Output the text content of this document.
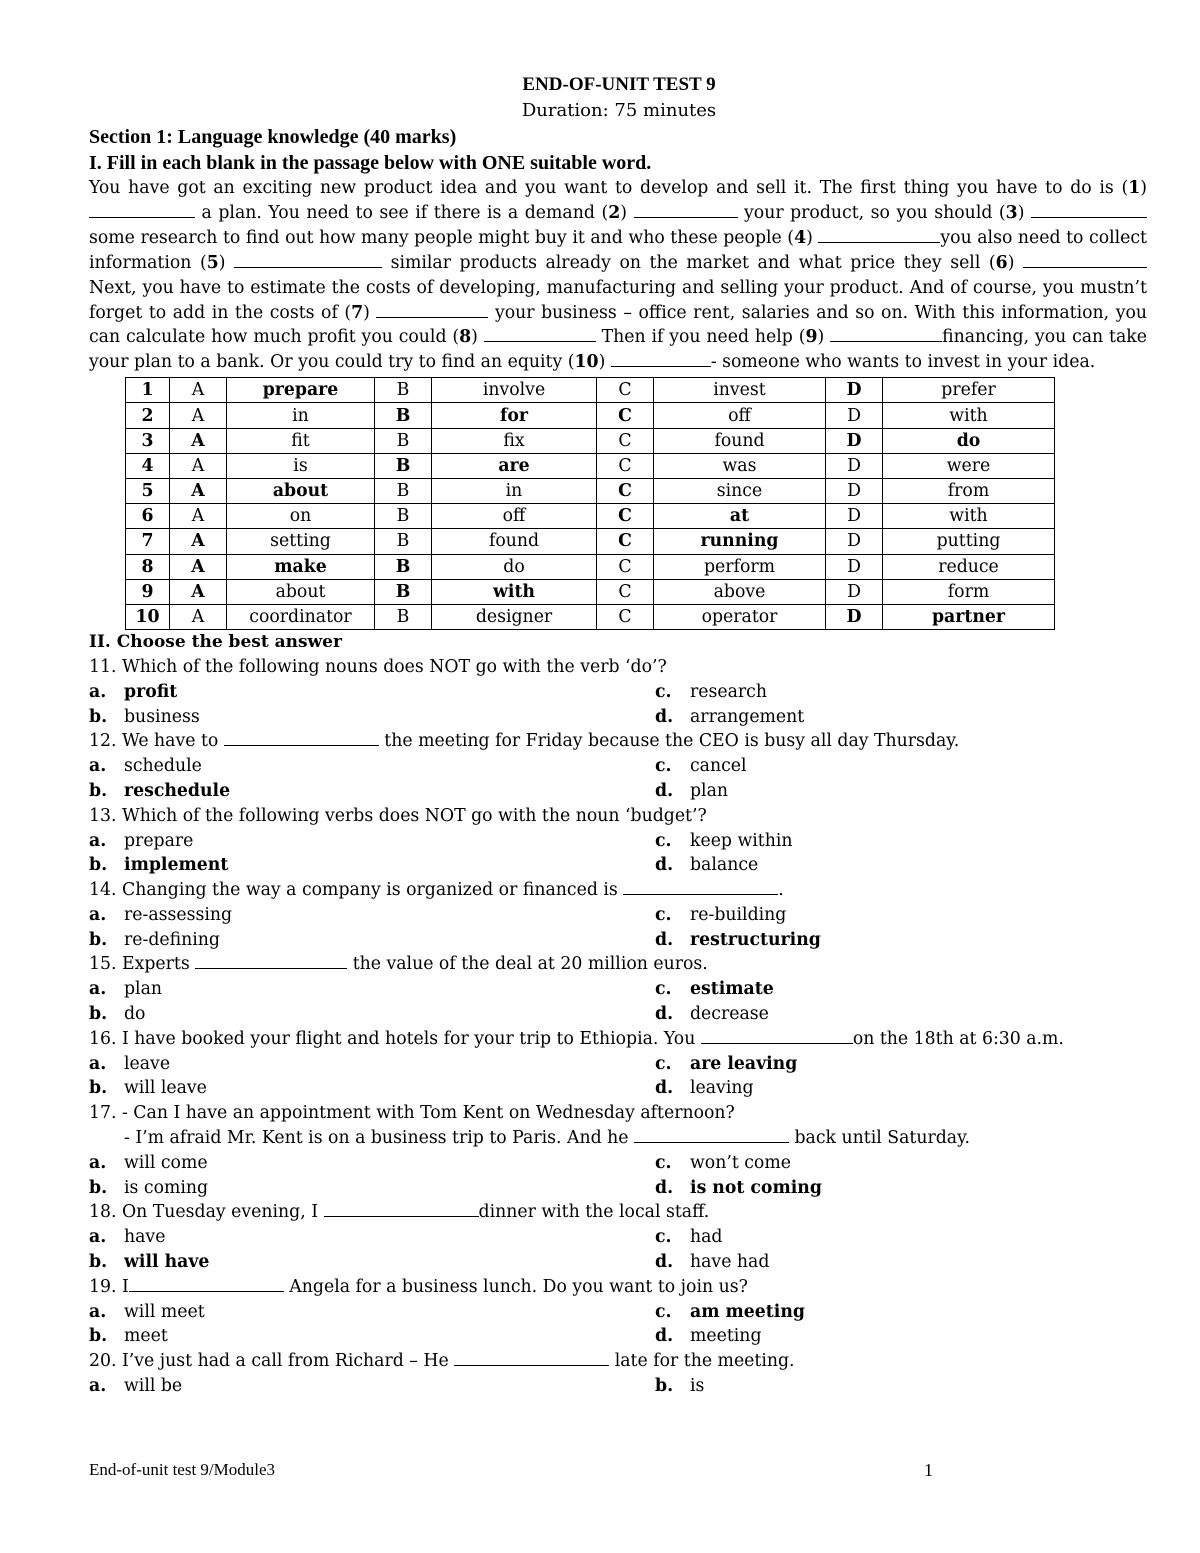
END-OF-UNIT TEST 9
Duration: 75 minutes
Section 1: Language knowledge (40 marks)
I. Fill in each blank in the passage below with ONE suitable word.
You have got an exciting new product idea and you want to develop and sell it. The first thing you have to do is (1)  a plan. You need to see if there is a demand (2)	your product, so you should (3)  some research to find out how many people might buy it and who these people (4)	you also need to collect information (5)	similar products already on the market and what price they sell (6)  Next, you have to estimate the costs of developing, manufacturing and selling your product. And of course, you mustn’t forget to add in the costs of (7)	your business – office rent, salaries and so on. With this information, you can calculate how much profit you could (8)	Then if you need help (9)	financing, you can take your plan to a bank. Or you could try to find an equity (10)	- someone who wants to invest in your idea.
1	A	prepare	B	involve	C	invest	D	prefer
2	A	in	B	for	C	off	D	with
3	A	fit	B	fix	C	found	D	do
4	A	is	B	are	C	was	D	were
5	A	about	B	in	C	since	D	from
6	A	on	B	off	C	at	D	with
7	A	setting	B	found	C	running	D	putting
8	A	make	B	do	C	perform	D	reduce
9	A	about	B	with	C	above	D	form
10	A	coordinator	B	designer	C	operator	D	partner
II. Choose the best answer
11. Which of the following nouns does NOT go with the verb ‘do’?
a. profit	c. research
b. business	d. arrangement
12. We have to	the meeting for Friday because the CEO is busy all day Thursday.
a. schedule	c. cancel
b. reschedule	d. plan
13. Which of the following verbs does NOT go with the noun ‘budget’?
a. prepare	c. keep within
b. implement	d. balance
14. Changing the way a company is organized or financed is	.
a. re-assessing	c. re-building
b. re-defining	d. restructuring
15. Experts	the value of the deal at 20 million euros.
a. plan	c. estimate
b. do	d. decrease
16. I have booked your flight and hotels for your trip to Ethiopia. You	on the 18th at 6:30 a.m.
a. leave	c. are leaving
b. will leave	d. leaving
17. - Can I have an appointment with Tom Kent on Wednesday afternoon?
- I’m afraid Mr. Kent is on a business trip to Paris. And he	back until Saturday.
a. will come	c. won’t come
b. is coming	d. is not coming
18. On Tuesday evening, I	dinner with the local staff.
a. have	c. had
b. will have	d. have had
19. I	Angela for a business lunch. Do you want to join us?
a. will meet	c. am meeting
b. meet	d. meeting
20. I’ve just had a call from Richard – He	late for the meeting.
a. will be	b. is
End-of-unit test 9/Module3	1
